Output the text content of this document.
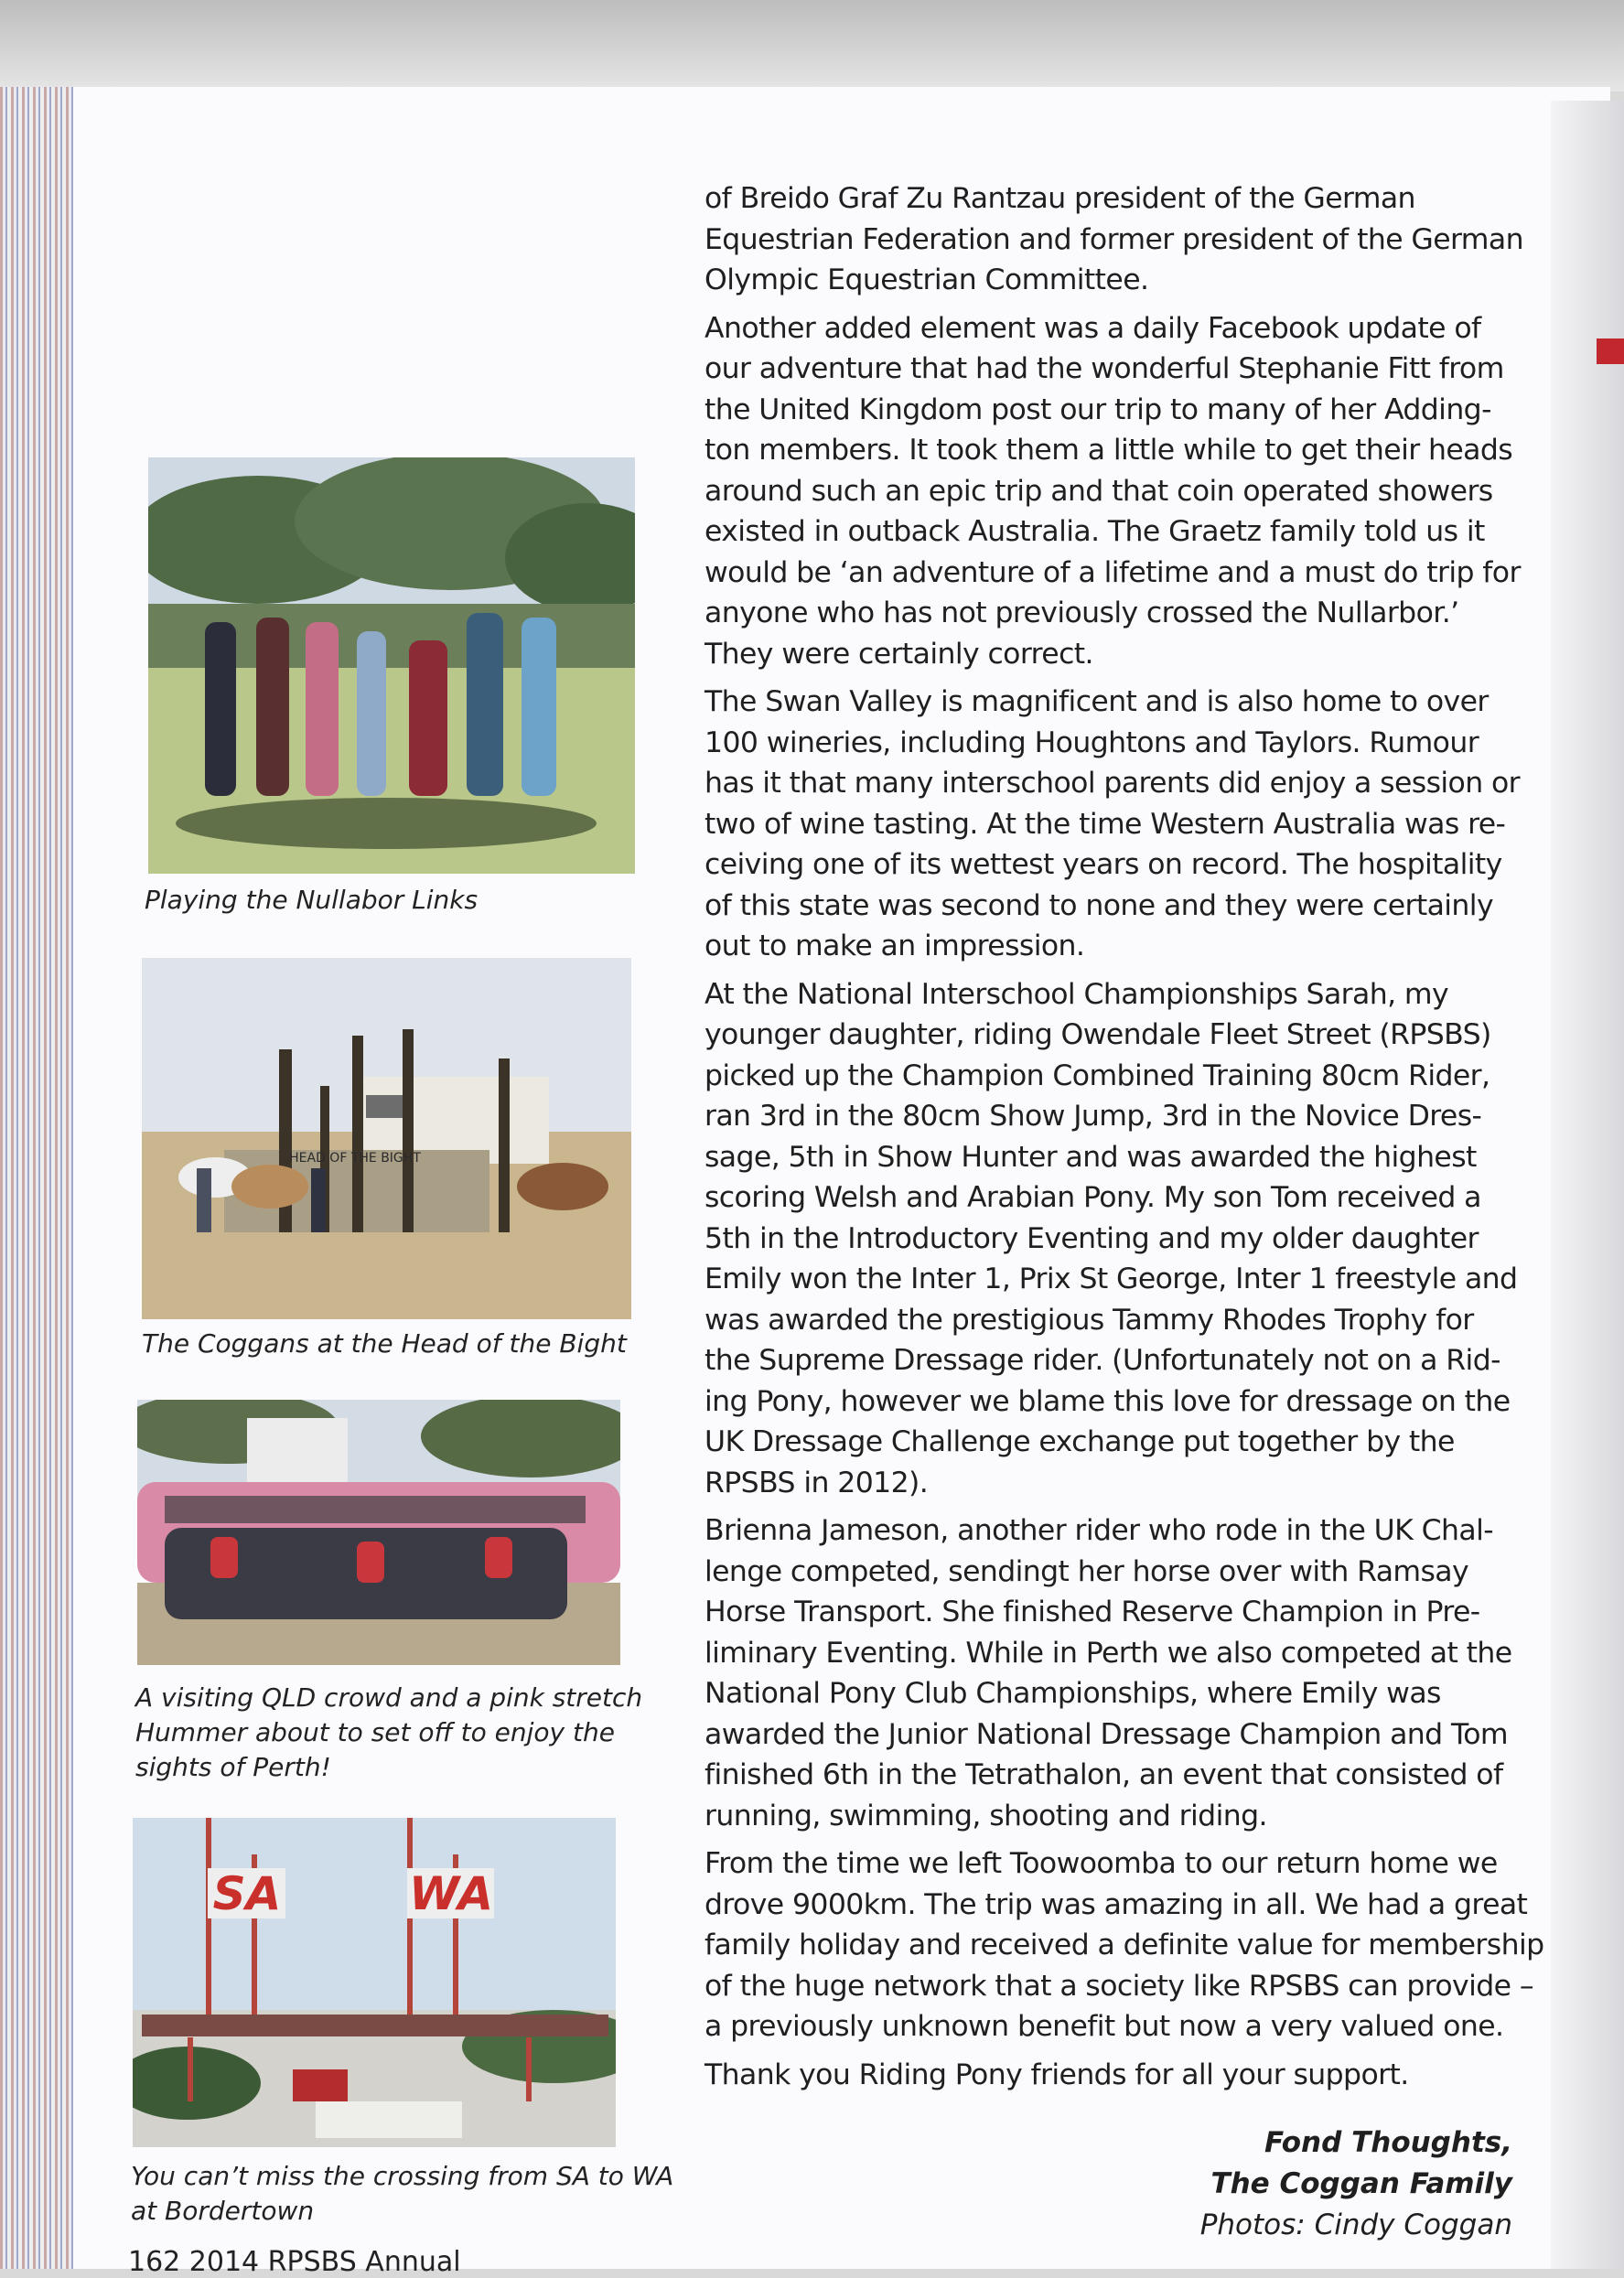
Playing the Nullabor Links
HEAD OF THE BIGHT
The Coggans at the Head of the Bight
A visiting QLD crowd and a pink stretch
Hummer about to set off to enjoy the
sights of Perth!
SA	WA
You can’t miss the crossing from SA to WA
at Bordertown

of Breido Graf Zu Rantzau president of the German
Equestrian Federation and former president of the German
Olympic Equestrian Committee.

Another added element was a daily Facebook update of
our adventure that had the wonderful Stephanie Fitt from
the United Kingdom post our trip to many of her Adding-
ton members. It took them a little while to get their heads
around such an epic trip and that coin operated showers
existed in outback Australia. The Graetz family told us it
would be ‘an adventure of a lifetime and a must do trip for
anyone who has not previously crossed the Nullarbor.’
They were certainly correct.

The Swan Valley is magnificent and is also home to over
100 wineries, including Houghtons and Taylors. Rumour
has it that many interschool parents did enjoy a session or
two of wine tasting. At the time Western Australia was re-
ceiving one of its wettest years on record. The hospitality
of this state was second to none and they were certainly
out to make an impression.

At the National Interschool Championships Sarah, my
younger daughter, riding Owendale Fleet Street (RPSBS)
picked up the Champion Combined Training 80cm Rider,
ran 3rd in the 80cm Show Jump, 3rd in the Novice Dres-
sage, 5th in Show Hunter and was awarded the highest
scoring Welsh and Arabian Pony. My son Tom received a
5th in the Introductory Eventing and my older daughter
Emily won the Inter 1, Prix St George, Inter 1 freestyle and
was awarded the prestigious Tammy Rhodes Trophy for
the Supreme Dressage rider. (Unfortunately not on a Rid-
ing Pony, however we blame this love for dressage on the
UK Dressage Challenge exchange put together by the
RPSBS in 2012).

Brienna Jameson, another rider who rode in the UK Chal-
lenge competed, sendingt her horse over with Ramsay
Horse Transport. She finished Reserve Champion in Pre-
liminary Eventing. While in Perth we also competed at the
National Pony Club Championships, where Emily was
awarded the Junior National Dressage Champion and Tom
finished 6th in the Tetrathalon, an event that consisted of
running, swimming, shooting and riding.

From the time we left Toowoomba to our return home we
drove 9000km. The trip was amazing in all. We had a great
family holiday and received a definite value for membership
of the huge network that a society like RPSBS can provide –
a previously unknown benefit but now a very valued one.

Thank you Riding Pony friends for all your support.

Fond Thoughts,
The Coggan Family
Photos: Cindy Coggan
162 2014 RPSBS Annual
